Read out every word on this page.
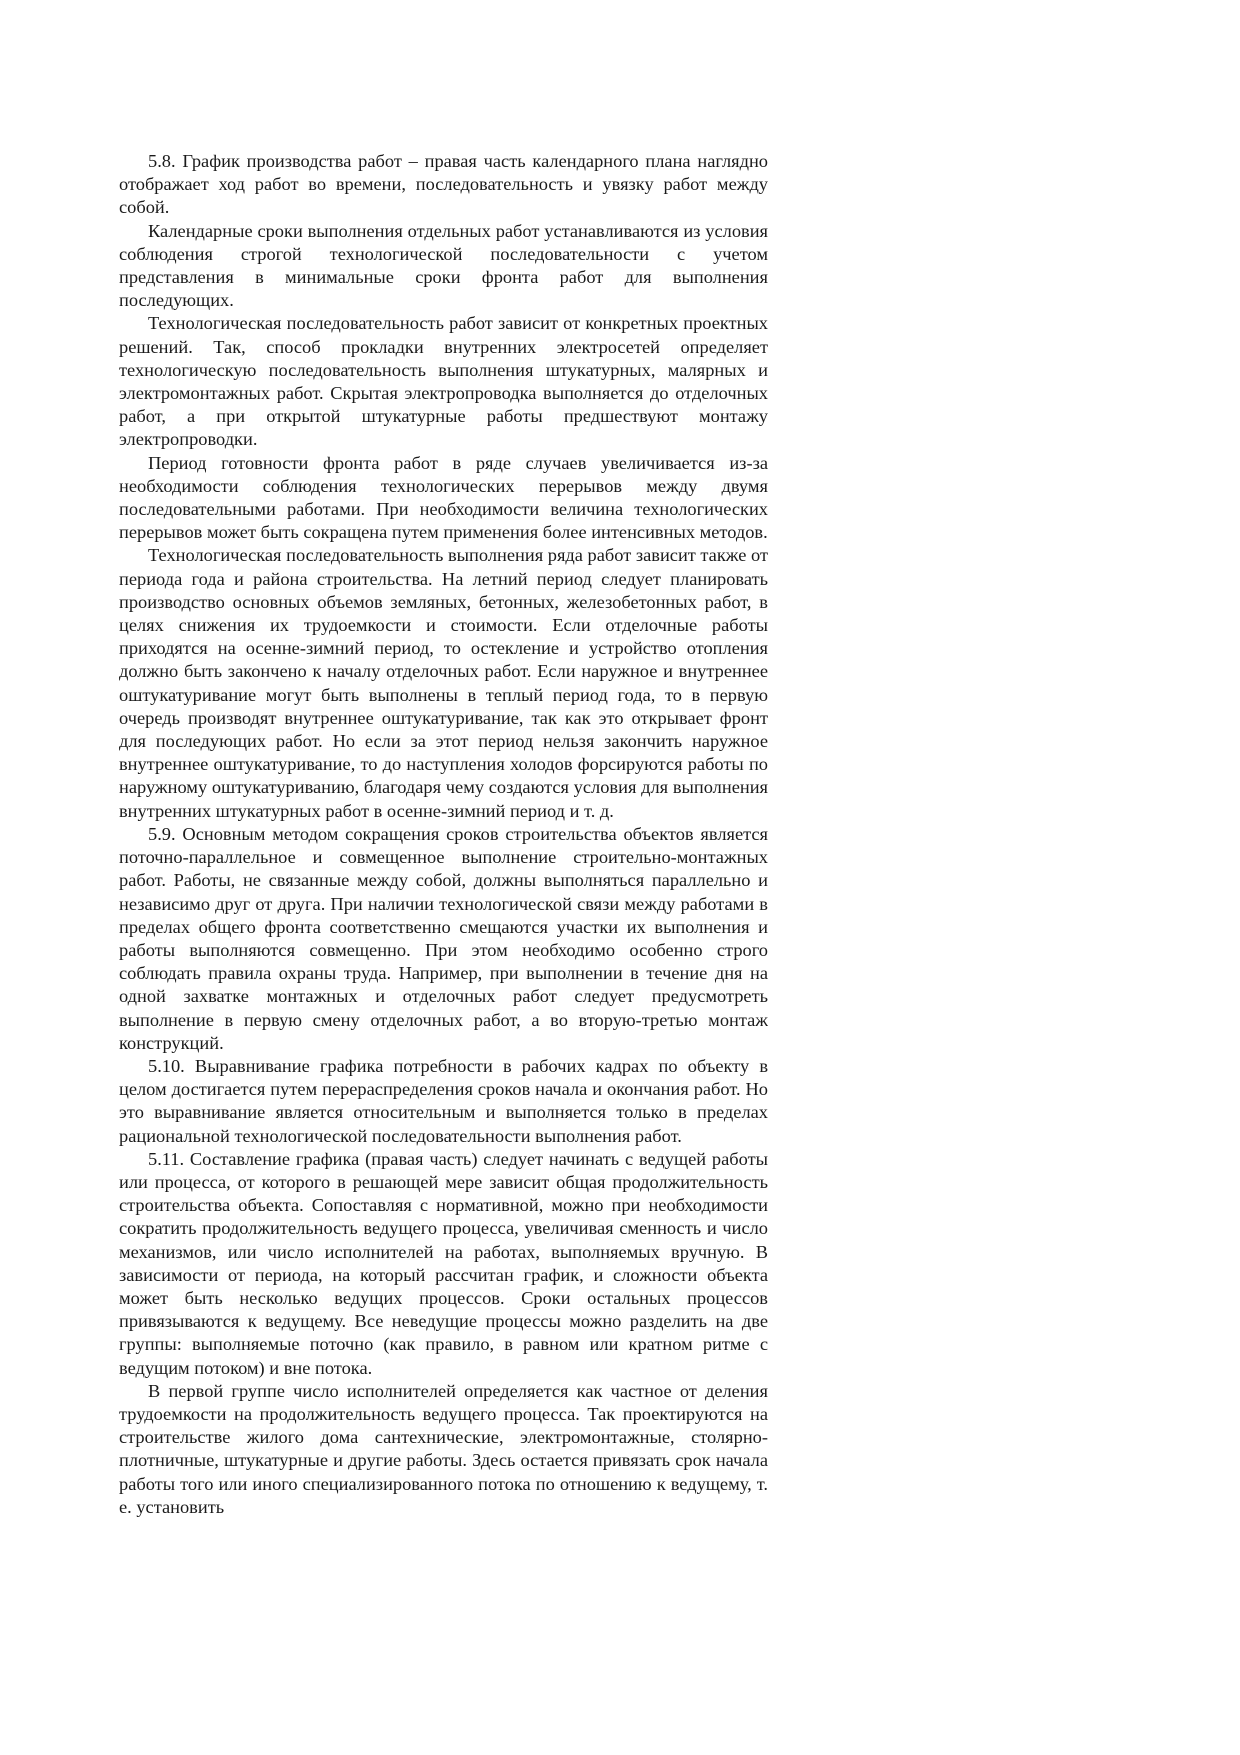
5.8. График производства работ – правая часть календарного плана наглядно отображает ход работ во времени, последовательность и увязку работ между собой.

Календарные сроки выполнения отдельных работ устанавливаются из условия соблюдения строгой технологической последовательности с учетом представления в минимальные сроки фронта работ для выполнения последующих.

Технологическая последовательность работ зависит от конкретных проектных решений. Так, способ прокладки внутренних электросетей определяет технологическую последовательность выполнения штукатурных, малярных и электромонтажных работ. Скрытая электропроводка выполняется до отделочных работ, а при открытой штукатурные работы предшествуют монтажу электропроводки.

Период готовности фронта работ в ряде случаев увеличивается из-за необходимости соблюдения технологических перерывов между двумя последовательными работами. При необходимости величина технологических перерывов может быть сокращена путем применения более интенсивных методов.

Технологическая последовательность выполнения ряда работ зависит также от периода года и района строительства. На летний период следует планировать производство основных объемов земляных, бетонных, железобетонных работ, в целях снижения их трудоемкости и стоимости. Если отделочные работы приходятся на осенне-зимний период, то остекление и устройство отопления должно быть закончено к началу отделочных работ. Если наружное и внутреннее оштукатуривание могут быть выполнены в теплый период года, то в первую очередь производят внутреннее оштукатуривание, так как это открывает фронт для последующих работ. Но если за этот период нельзя закончить наружное внутреннее оштукатуривание, то до наступления холодов форсируются работы по наружному оштукатуриванию, благодаря чему создаются условия для выполнения внутренних штукатурных работ в осенне-зимний период и т. д.

5.9. Основным методом сокращения сроков строительства объектов является поточно-параллельное и совмещенное выполнение строительно-монтажных работ. Работы, не связанные между собой, должны выполняться параллельно и независимо друг от друга. При наличии технологической связи между работами в пределах общего фронта соответственно смещаются участки их выполнения и работы выполняются совмещенно. При этом необходимо особенно строго соблюдать правила охраны труда. Например, при выполнении в течение дня на одной захватке монтажных и отделочных работ следует предусмотреть выполнение в первую смену отделочных работ, а во вторую-третью монтаж конструкций.

5.10. Выравнивание графика потребности в рабочих кадрах по объекту в целом достигается путем перераспределения сроков начала и окончания работ. Но это выравнивание является относительным и выполняется только в пределах рациональной технологической последовательности выполнения работ.

5.11. Составление графика (правая часть) следует начинать с ведущей работы или процесса, от которого в решающей мере зависит общая продолжительность строительства объекта. Сопоставляя с нормативной, можно при необходимости сократить продолжительность ведущего процесса, увеличивая сменность и число механизмов, или число исполнителей на работах, выполняемых вручную. В зависимости от периода, на который рассчитан график, и сложности объекта может быть несколько ведущих процессов. Сроки остальных процессов привязываются к ведущему. Все неведущие процессы можно разделить на две группы: выполняемые поточно (как правило, в равном или кратном ритме с ведущим потоком) и вне потока.

В первой группе число исполнителей определяется как частное от деления трудоемкости на продолжительность ведущего процесса. Так проектируются на строительстве жилого дома сантехнические, электромонтажные, столярно-плотничные, штукатурные и другие работы. Здесь остается привязать срок начала работы того или иного специализированного потока по отношению к ведущему, т. е. установить
